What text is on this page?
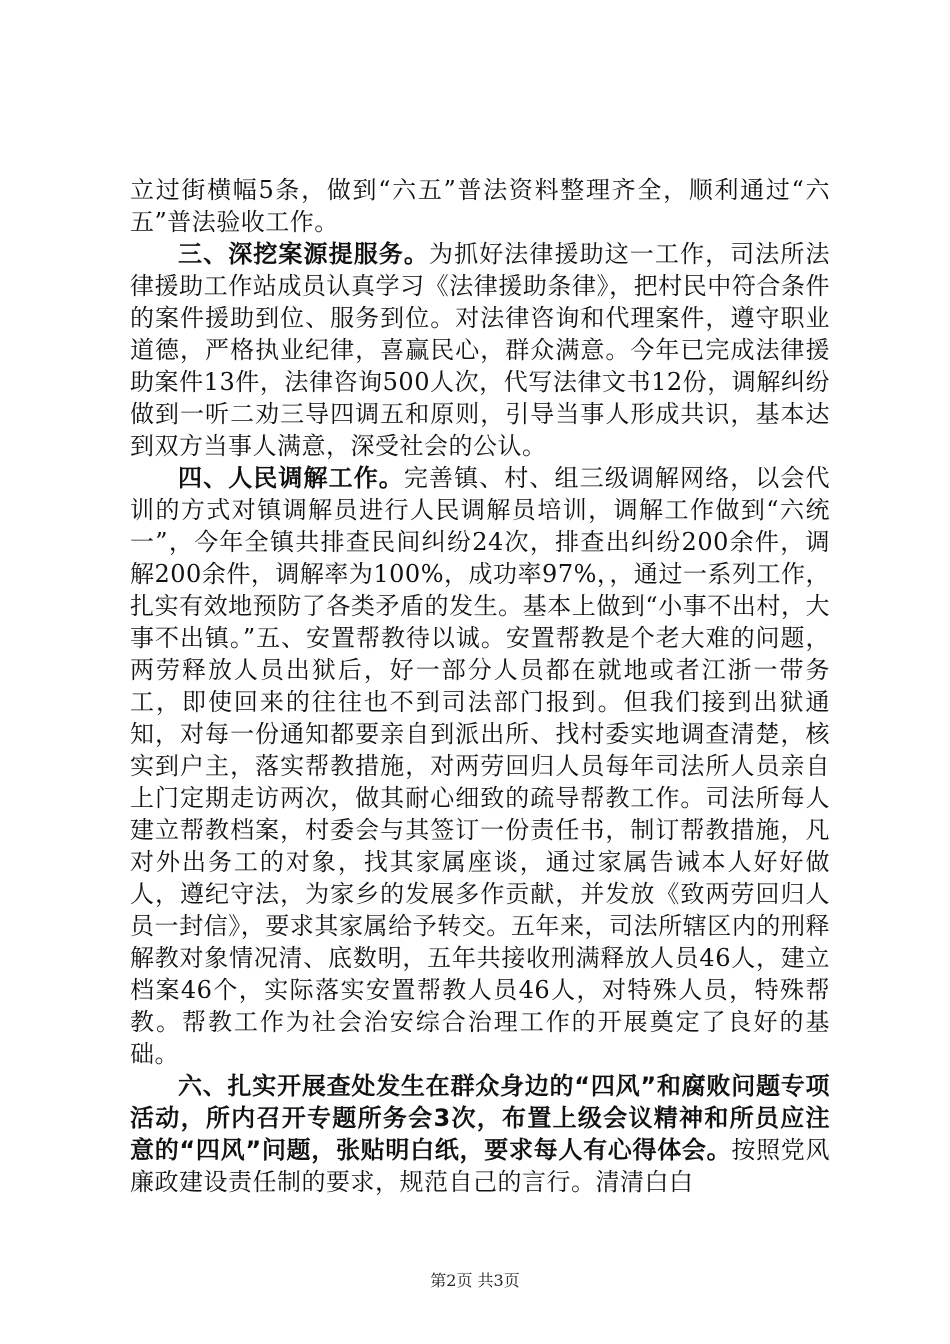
立过街横幅5条，做到“六五”普法资料整理齐全，顺利通过“六五”普法验收工作。

三、深挖案源提服务。为抓好法律援助这一工作，司法所法律援助工作站成员认真学习《法律援助条律》，把村民中符合条件的案件援助到位、服务到位。对法律咨询和代理案件，遵守职业道德，严格执业纪律，喜赢民心，群众满意。今年已完成法律援助案件13件，法律咨询500人次，代写法律文书12份，调解纠纷做到一听二劝三导四调五和原则，引导当事人形成共识，基本达到双方当事人满意，深受社会的公认。

四、人民调解工作。完善镇、村、组三级调解网络，以会代训的方式对镇调解员进行人民调解员培训，调解工作做到“六统一”，今年全镇共排查民间纠纷24次，排查出纠纷200余件，调解200余件，调解率为100%，成功率97%，，通过一系列工作，扎实有效地预防了各类矛盾的发生。基本上做到“小事不出村，大事不出镇。”五、安置帮教待以诚。安置帮教是个老大难的问题，两劳释放人员出狱后，好一部分人员都在就地或者江浙一带务工，即使回来的往往也不到司法部门报到。但我们接到出狱通知，对每一份通知都要亲自到派出所、找村委实地调查清楚，核实到户主，落实帮教措施，对两劳回归人员每年司法所人员亲自上门定期走访两次，做其耐心细致的疏导帮教工作。司法所每人建立帮教档案，村委会与其签订一份责任书，制订帮教措施，凡对外出务工的对象，找其家属座谈，通过家属告诫本人好好做人，遵纪守法，为家乡的发展多作贡献，并发放《致两劳回归人员一封信》，要求其家属给予转交。五年来，司法所辖区内的刑释解教对象情况清、底数明，五年共接收刑满释放人员46人，建立档案46个，实际落实安置帮教人员46人，对特殊人员，特殊帮教。帮教工作为社会治安综合治理工作的开展奠定了良好的基础。

六、扎实开展查处发生在群众身边的“四风”和腐败问题专项活动，所内召开专题所务会3次，布置上级会议精神和所员应注意的“四风”问题，张贴明白纸，要求每人有心得体会。按照党风廉政建设责任制的要求，规范自己的言行。清清白白

第2页 共3页
